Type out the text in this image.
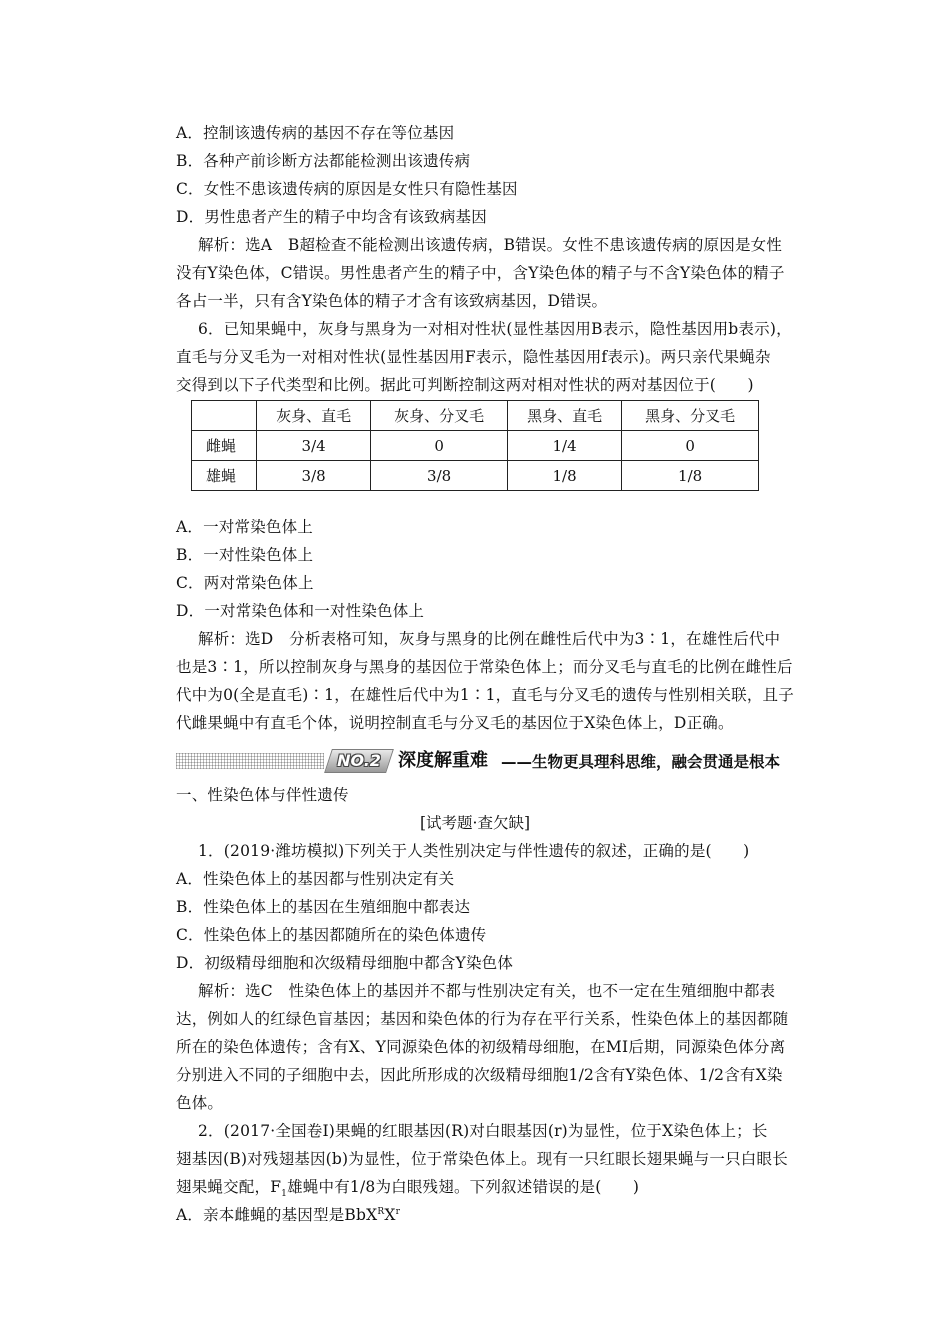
A．控制该遗传病的基因不存在等位基因
B．各种产前诊断方法都能检测出该遗传病
C．女性不患该遗传病的原因是女性只有隐性基因
D．男性患者产生的精子中均含有该致病基因
解析：选A　B超检查不能检测出该遗传病，B错误。女性不患该遗传病的原因是女性
没有Y染色体，C错误。男性患者产生的精子中，含Y染色体的精子与不含Y染色体的精子
各占一半，只有含Y染色体的精子才含有该致病基因，D错误。
6．已知果蝇中，灰身与黑身为一对相对性状(显性基因用B表示，隐性基因用b表示)，
直毛与分叉毛为一对相对性状(显性基因用F表示，隐性基因用f表示)。两只亲代果蝇杂
交得到以下子代类型和比例。据此可判断控制这两对相对性状的两对基因位于(　　)
	灰身、直毛	灰身、分叉毛	黑身、直毛	黑身、分叉毛
雌蝇	3/4	0	1/4	0
雄蝇	3/8	3/8	1/8	1/8
A．一对常染色体上
B．一对性染色体上
C．两对常染色体上
D．一对常染色体和一对性染色体上
解析：选D　分析表格可知，灰身与黑身的比例在雌性后代中为3∶1，在雄性后代中
也是3∶1，所以控制灰身与黑身的基因位于常染色体上；而分叉毛与直毛的比例在雌性后
代中为0(全是直毛)∶1，在雄性后代中为1∶1，直毛与分叉毛的遗传与性别相关联，且子
代雌果蝇中有直毛个体，说明控制直毛与分叉毛的基因位于X染色体上，D正确。
NO.2 深度解重难 ——生物更具理科思维，融会贯通是根本
一、性染色体与伴性遗传
[试考题·查欠缺]
1．(2019·潍坊模拟)下列关于人类性别决定与伴性遗传的叙述，正确的是(　　)
A．性染色体上的基因都与性别决定有关
B．性染色体上的基因在生殖细胞中都表达
C．性染色体上的基因都随所在的染色体遗传
D．初级精母细胞和次级精母细胞中都含Y染色体
解析：选C　性染色体上的基因并不都与性别决定有关，也不一定在生殖细胞中都表
达，例如人的红绿色盲基因；基因和染色体的行为存在平行关系，性染色体上的基因都随
所在的染色体遗传；含有X、Y同源染色体的初级精母细胞，在MⅠ后期，同源染色体分离
分别进入不同的子细胞中去，因此所形成的次级精母细胞1/2含有Y染色体、1/2含有X染
色体。
2．(2017·全国卷Ⅰ)果蝇的红眼基因(R)对白眼基因(r)为显性，位于X染色体上；长
翅基因(B)对残翅基因(b)为显性，位于常染色体上。现有一只红眼长翅果蝇与一只白眼长
翅果蝇交配，$F_1$雄蝇中有1/8为白眼残翅。下列叙述错误的是(　　)
A．亲本雌蝇的基因型是$BbX^RX^r$
